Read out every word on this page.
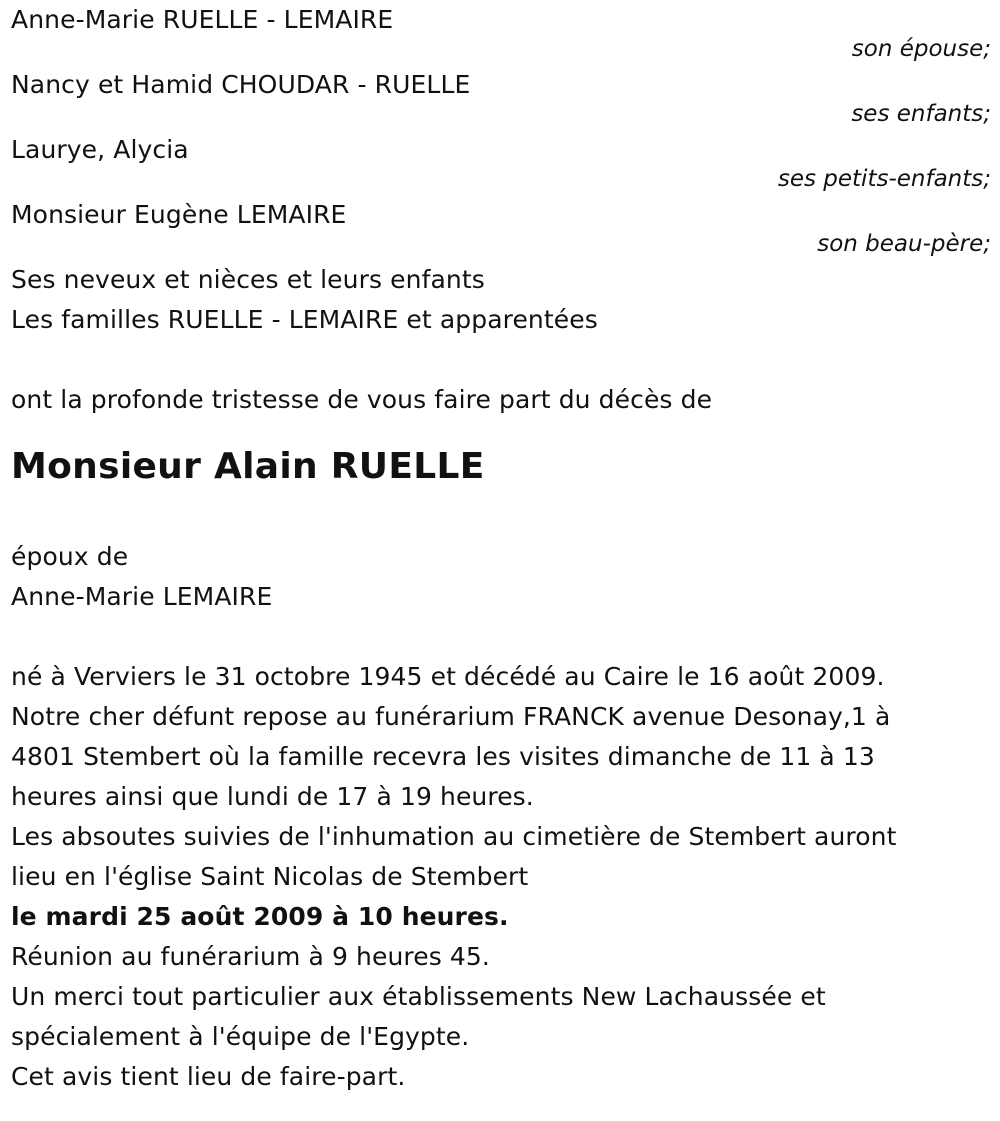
Anne-Marie RUELLE - LEMAIRE
son épouse;
Nancy et Hamid CHOUDAR - RUELLE
ses enfants;
Laurye, Alycia
ses petits-enfants;
Monsieur Eugène LEMAIRE
son beau-père;
Ses neveux et nièces et leurs enfants
Les familles RUELLE - LEMAIRE et apparentées
ont la profonde tristesse de vous faire part du décès de
Monsieur Alain RUELLE
époux de
Anne-Marie LEMAIRE
né à Verviers le 31 octobre 1945 et décédé au Caire le 16 août 2009.
Notre cher défunt repose au funérarium FRANCK avenue Desonay,1 à
4801 Stembert où la famille recevra les visites dimanche de 11 à 13
heures ainsi que lundi de 17 à 19 heures.
Les absoutes suivies de l'inhumation au cimetière de Stembert auront
lieu en l'église Saint Nicolas de Stembert
le mardi 25 août 2009 à 10 heures.
Réunion au funérarium à 9 heures 45.
Un merci tout particulier aux établissements New Lachaussée et
spécialement à l'équipe de l'Egypte.
Cet avis tient lieu de faire-part.
